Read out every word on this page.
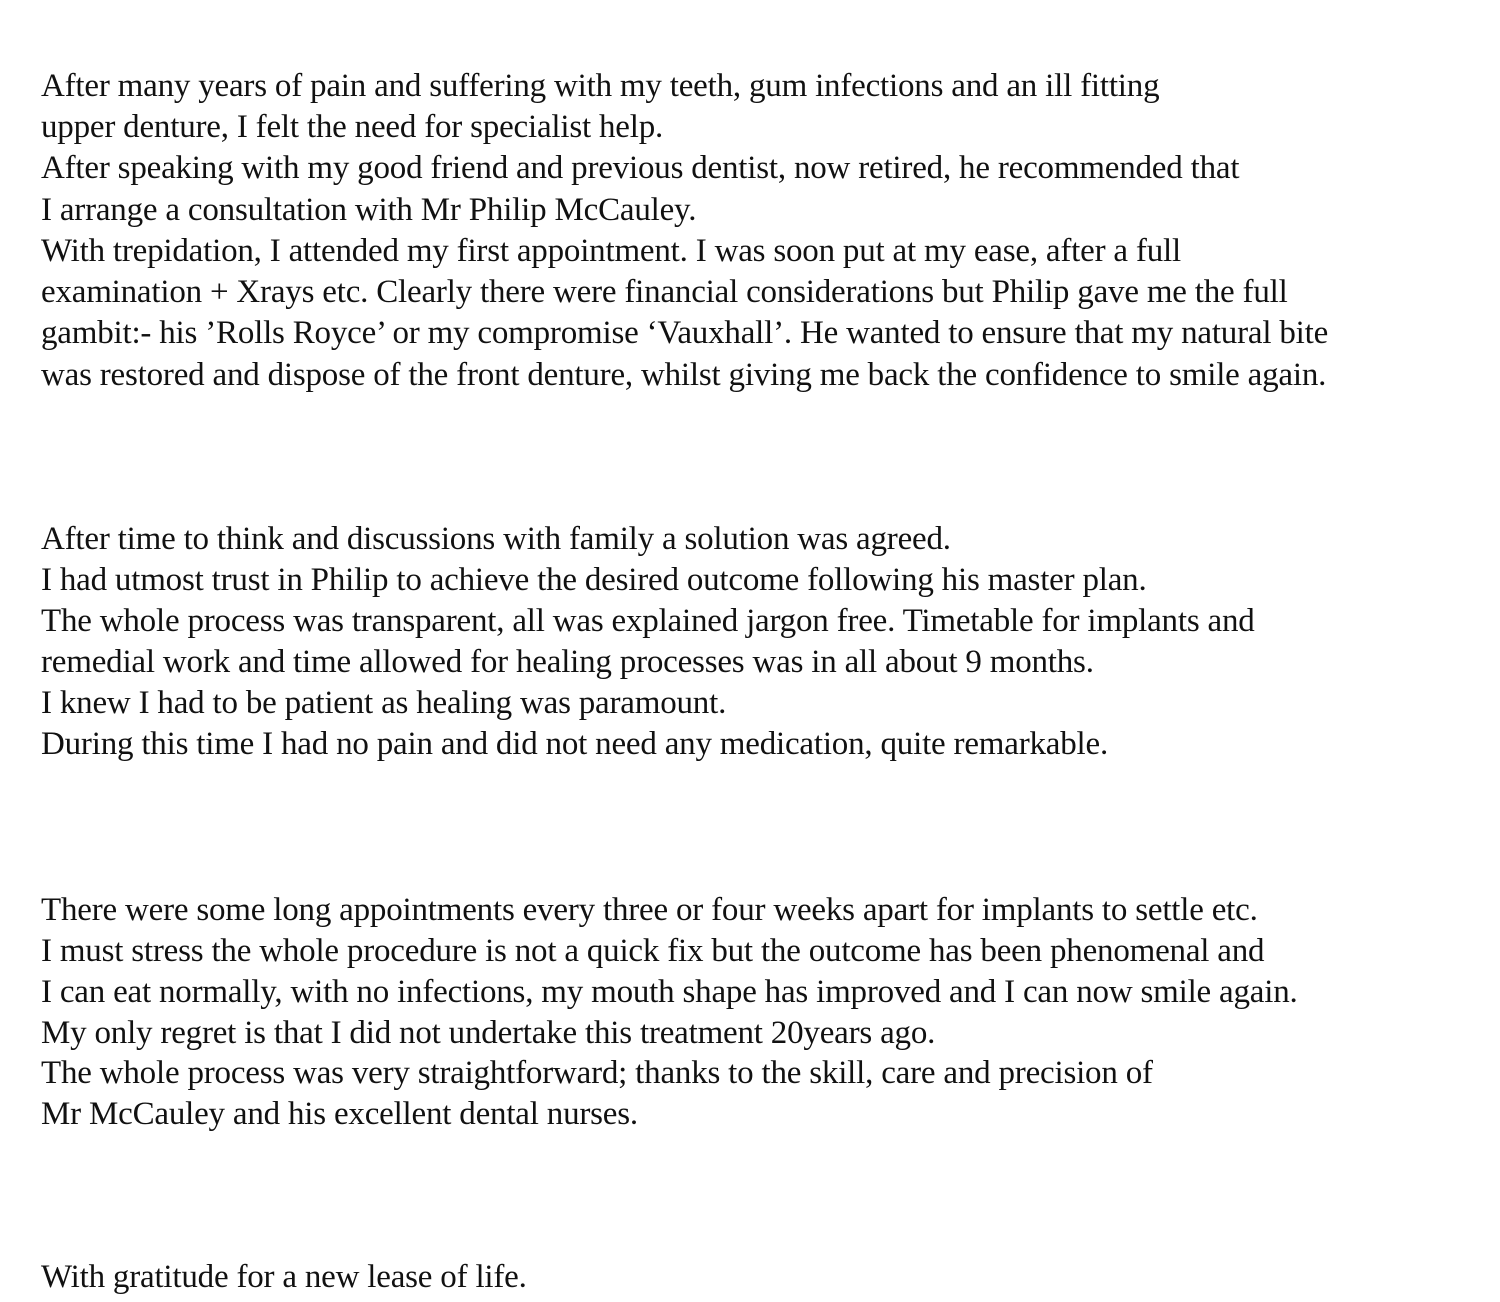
After many years of pain and suffering with my teeth, gum infections and an ill fitting

upper denture, I felt the need for specialist help.

After speaking with my good friend and previous dentist, now retired, he recommended that

I arrange a consultation with Mr Philip McCauley.

With trepidation, I attended my first appointment. I was soon put at my ease, after a full

examination + Xrays etc. Clearly there were financial considerations but Philip gave me the full

gambit:- his ’Rolls Royce’ or my compromise ‘Vauxhall’. He wanted to ensure that my natural bite

was restored and dispose of the front denture, whilst giving me back the confidence to smile again.

After time to think and discussions with family a solution was agreed.

I had utmost trust in Philip to achieve the desired outcome following his master plan.

The whole process was transparent, all was explained jargon free. Timetable for implants and

remedial work and time allowed for healing processes was in all about 9 months.

I knew I had to be patient as healing was paramount.

During this time I had no pain and did not need any medication, quite remarkable.

There were some long appointments every three or four weeks apart for implants to settle etc.

I must stress the whole procedure is not a quick fix but the outcome has been phenomenal and

I can eat normally, with no infections, my mouth shape has improved and I can now smile again.

My only regret is that I did not undertake this treatment 20years ago.

The whole process was very straightforward; thanks to the skill, care and precision of

Mr McCauley and his excellent dental nurses.

With gratitude for a new lease of life.
